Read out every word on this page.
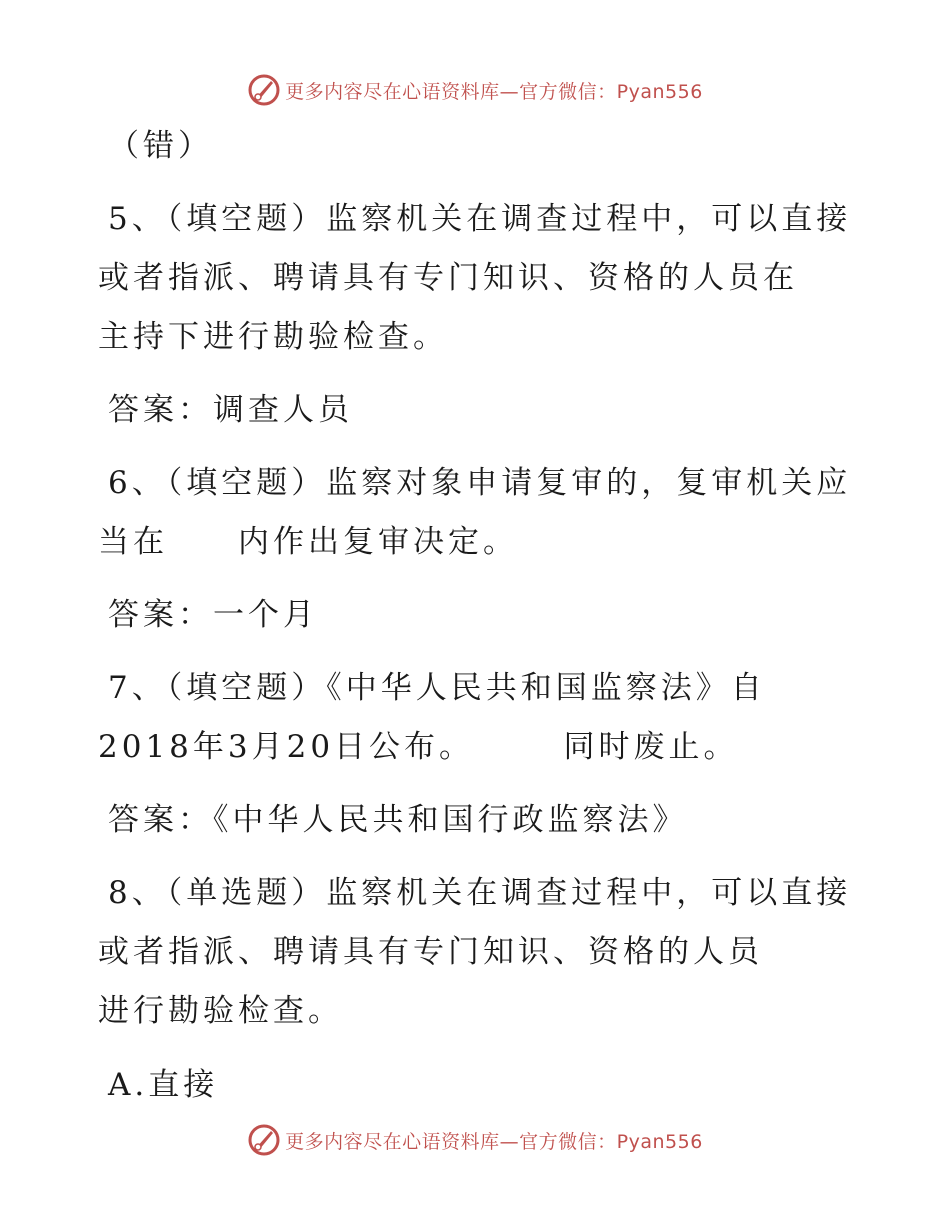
更多内容尽在心语资料库—官方微信：Pyan556
（错）
5、（填空题）监察机关在调查过程中，可以直接
或者指派、聘请具有专门知识、资格的人员在
主持下进行勘验检查。
答案：调查人员
6、（填空题）监察对象申请复审的，复审机关应
当在　　内作出复审决定。
答案：一个月
7、（填空题）《中华人民共和国监察法》自
2018年3月20日公布。　　　同时废止。
答案：《中华人民共和国行政监察法》
8、（单选题）监察机关在调查过程中，可以直接
或者指派、聘请具有专门知识、资格的人员
进行勘验检查。
A.直接
更多内容尽在心语资料库—官方微信：Pyan556
